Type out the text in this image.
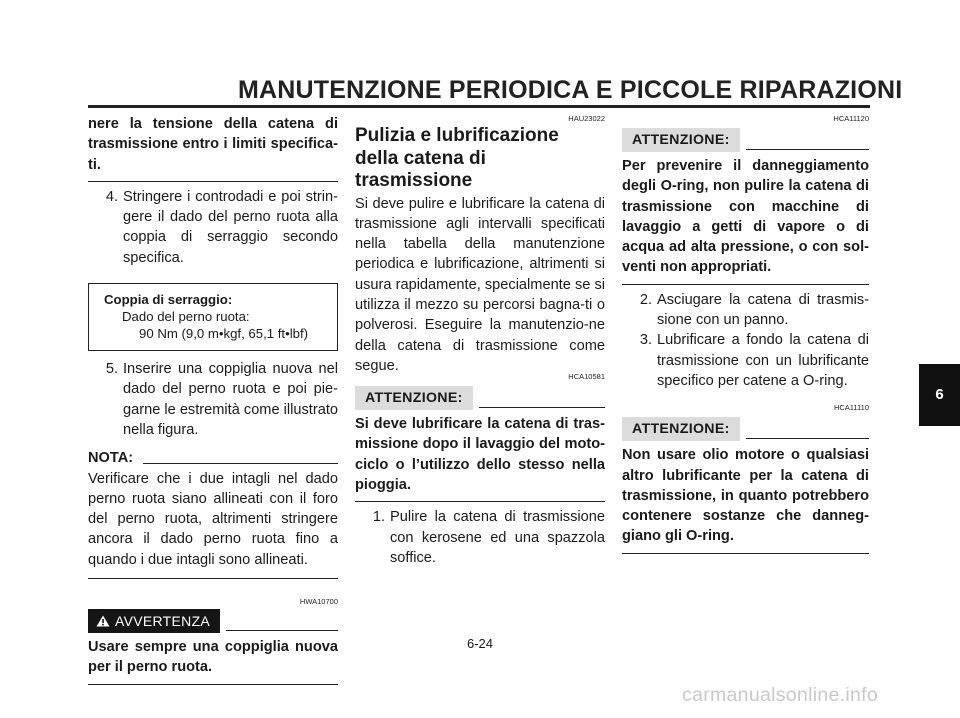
MANUTENZIONE PERIODICA E PICCOLE RIPARAZIONI
nere la tensione della catena di trasmissione entro i limiti specifica-ti.
4. Stringere i controdadi e poi strin-gere il dado del perno ruota alla coppia di serraggio secondo specifica.
Coppia di serraggio:
Dado del perno ruota:
90 Nm (9,0 m•kgf, 65,1 ft•lbf)
5. Inserire una coppiglia nuova nel dado del perno ruota e poi pie-garne le estremità come illustrato nella figura.
NOTA:
Verificare che i due intagli nel dado perno ruota siano allineati con il foro del perno ruota, altrimenti stringere ancora il dado perno ruota fino a quando i due intagli sono allineati.
HWA10700
AVVERTENZA
Usare sempre una coppiglia nuova per il perno ruota.
HAU23022
Pulizia e lubrificazione della catena di trasmissione
Si deve pulire e lubrificare la catena di trasmissione agli intervalli specificati nella tabella della manutenzione periodica e lubrificazione, altrimenti si usura rapidamente, specialmente se si utilizza il mezzo su percorsi bagna-ti o polverosi. Eseguire la manutenzio-ne della catena di trasmissione come segue.
HCA10581
ATTENZIONE:
Si deve lubrificare la catena di tras-missione dopo il lavaggio del moto-ciclo o l’utilizzo dello stesso nella pioggia.
1. Pulire la catena di trasmissione con kerosene ed una spazzola soffice.
HCA11120
ATTENZIONE:
Per prevenire il danneggiamento degli O-ring, non pulire la catena di trasmissione con macchine di lavaggio a getti di vapore o di acqua ad alta pressione, o con sol-venti non appropriati.
2. Asciugare la catena di trasmis-sione con un panno.
3. Lubrificare a fondo la catena di trasmissione con un lubrificante specifico per catene a O-ring.
HCA11110
ATTENZIONE:
Non usare olio motore o qualsiasi altro lubrificante per la catena di trasmissione, in quanto potrebbero contenere sostanze che danneg-giano gli O-ring.
6
6-24
carmanualsonline.info
